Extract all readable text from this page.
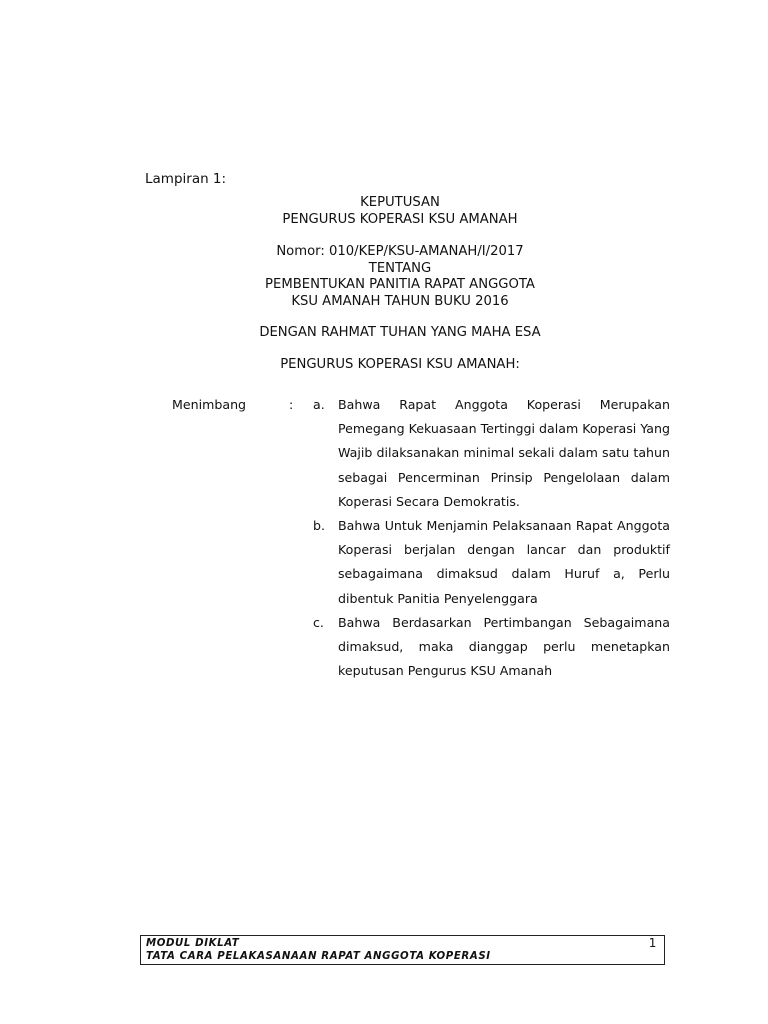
Lampiran 1:
KEPUTUSAN
PENGURUS KOPERASI KSU AMANAH
Nomor: 010/KEP/KSU-AMANAH/I/2017
TENTANG
PEMBENTUKAN PANITIA RAPAT ANGGOTA
KSU AMANAH TAHUN BUKU 2016
DENGAN RAHMAT TUHAN YANG MAHA ESA
PENGURUS KOPERASI KSU AMANAH:
Menimbang	: a.	Bahwa Rapat Anggota Koperasi Merupakan Pemegang Kekuasaan Tertinggi dalam Koperasi Yang Wajib dilaksanakan minimal sekali dalam satu tahun sebagai Pencerminan Prinsip Pengelolaan dalam Koperasi Secara Demokratis.
b.	Bahwa Untuk Menjamin Pelaksanaan Rapat Anggota Koperasi berjalan dengan lancar dan produktif sebagaimana dimaksud dalam Huruf a, Perlu dibentuk Panitia Penyelenggara
c.	Bahwa Berdasarkan Pertimbangan Sebagaimana dimaksud, maka dianggap perlu menetapkan keputusan Pengurus KSU Amanah
MODUL DIKLAT
TATA CARA PELAKASANAAN RAPAT ANGGOTA KOPERASI
1
